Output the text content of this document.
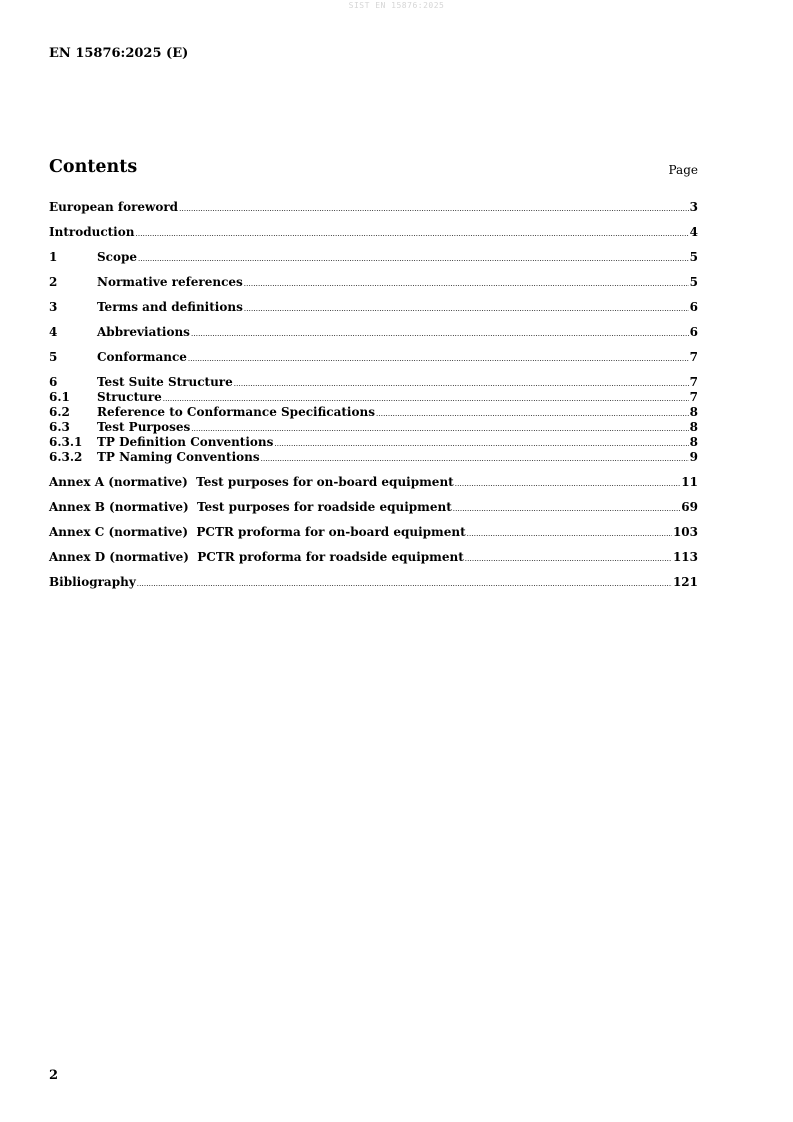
SIST EN 15876:2025
EN 15876:2025 (E)
Contents	Page
European foreword .....	3
Introduction .....	4
1	Scope .....	5
2	Normative references .....	5
3	Terms and definitions .....	6
4	Abbreviations .....	6
5	Conformance .....	7
6	Test Suite Structure .....	7
6.1	Structure .....	7
6.2	Reference to Conformance Specifications .....	8
6.3	Test Purposes .....	8
6.3.1	TP Definition Conventions .....	8
6.3.2	TP Naming Conventions .....	9
Annex A (normative)  Test purposes for on-board equipment .....	11
Annex B (normative)  Test purposes for roadside equipment .....	69
Annex C (normative)  PCTR proforma for on-board equipment .....	103
Annex D (normative)  PCTR proforma for roadside equipment .....	113
Bibliography .....	121
2
